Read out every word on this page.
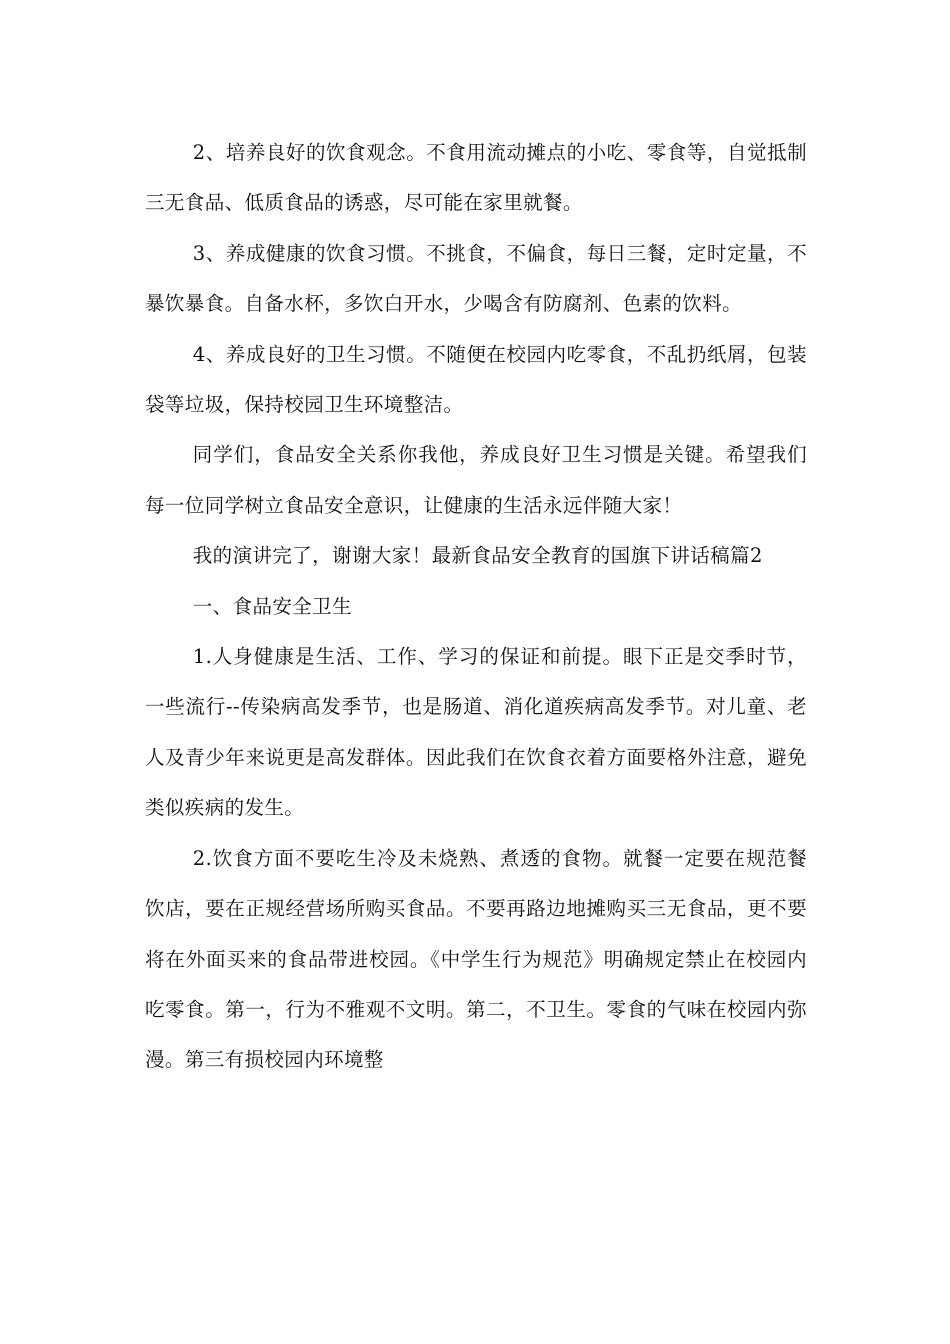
2、培养良好的饮食观念。不食用流动摊点的小吃、零食等，自觉抵制三无食品、低质食品的诱惑，尽可能在家里就餐。

3、养成健康的饮食习惯。不挑食，不偏食，每日三餐，定时定量，不暴饮暴食。自备水杯，多饮白开水，少喝含有防腐剂、色素的饮料。

4、养成良好的卫生习惯。不随便在校园内吃零食，不乱扔纸屑，包装袋等垃圾，保持校园卫生环境整洁。

同学们，食品安全关系你我他，养成良好卫生习惯是关键。希望我们每一位同学树立食品安全意识，让健康的生活永远伴随大家！

我的演讲完了，谢谢大家！最新食品安全教育的国旗下讲话稿篇2

一、食品安全卫生

1.人身健康是生活、工作、学习的保证和前提。眼下正是交季时节，一些流行--传染病高发季节，也是肠道、消化道疾病高发季节。对儿童、老人及青少年来说更是高发群体。因此我们在饮食衣着方面要格外注意，避免类似疾病的发生。

2.饮食方面不要吃生冷及未烧熟、煮透的食物。就餐一定要在规范餐饮店，要在正规经营场所购买食品。不要再路边地摊购买三无食品，更不要将在外面买来的食品带进校园。《中学生行为规范》明确规定禁止在校园内吃零食。第一，行为不雅观不文明。第二，不卫生。零食的气味在校园内弥漫。第三有损校园内环境整
